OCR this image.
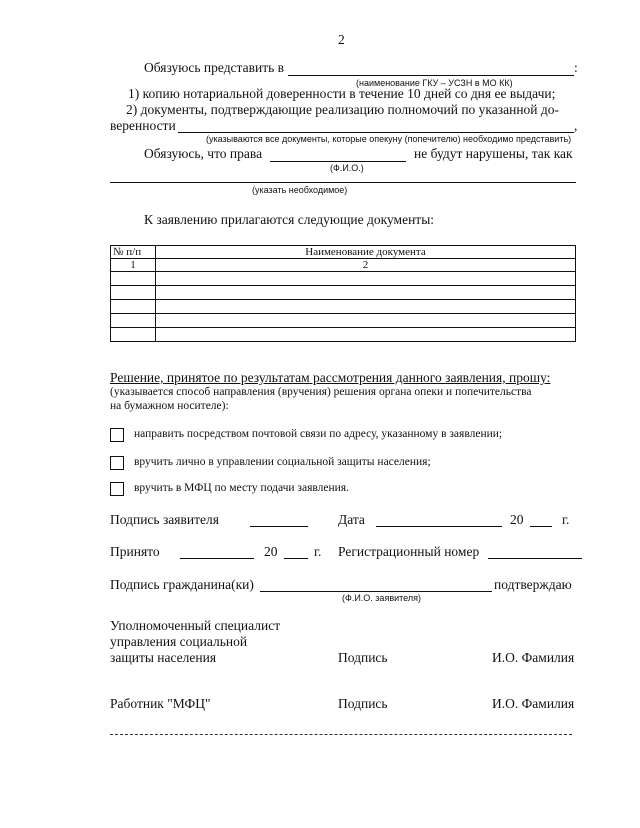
2
Обязуюсь представить в	:
(наименование ГКУ – УСЗН в МО КК)
1) копию нотариальной доверенности в течение 10 дней со дня ее выдачи;
2) документы, подтверждающие реализацию полномочий по указанной до-
веренности	,
(указываются все документы, которые опекуну (попечителю) необходимо представить)
Обязуюсь, что права	не будут нарушены, так как
(Ф.И.О.)
(указать необходимое)
К заявлению прилагаются следующие документы:
№ п/п	Наименование документа
1	2

Решение, принятое по результатам рассмотрения данного заявления, прошу:
(указывается способ направления (вручения) решения органа опеки и попечительства
на бумажном носителе):
направить посредством почтовой связи по адресу, указанному в заявлении;
вручить лично в управлении социальной защиты населения;
вручить в МФЦ по месту подачи заявления.
Подпись заявителя	Дата	20	г.
Принято	20	г. Регистрационный номер
Подпись гражданина(ки)	подтверждаю
(Ф.И.О. заявителя)
Уполномоченный специалист
управления социальной
защиты населения	Подпись	И.О. Фамилия
Работник "МФЦ"	Подпись	И.О. Фамилия
